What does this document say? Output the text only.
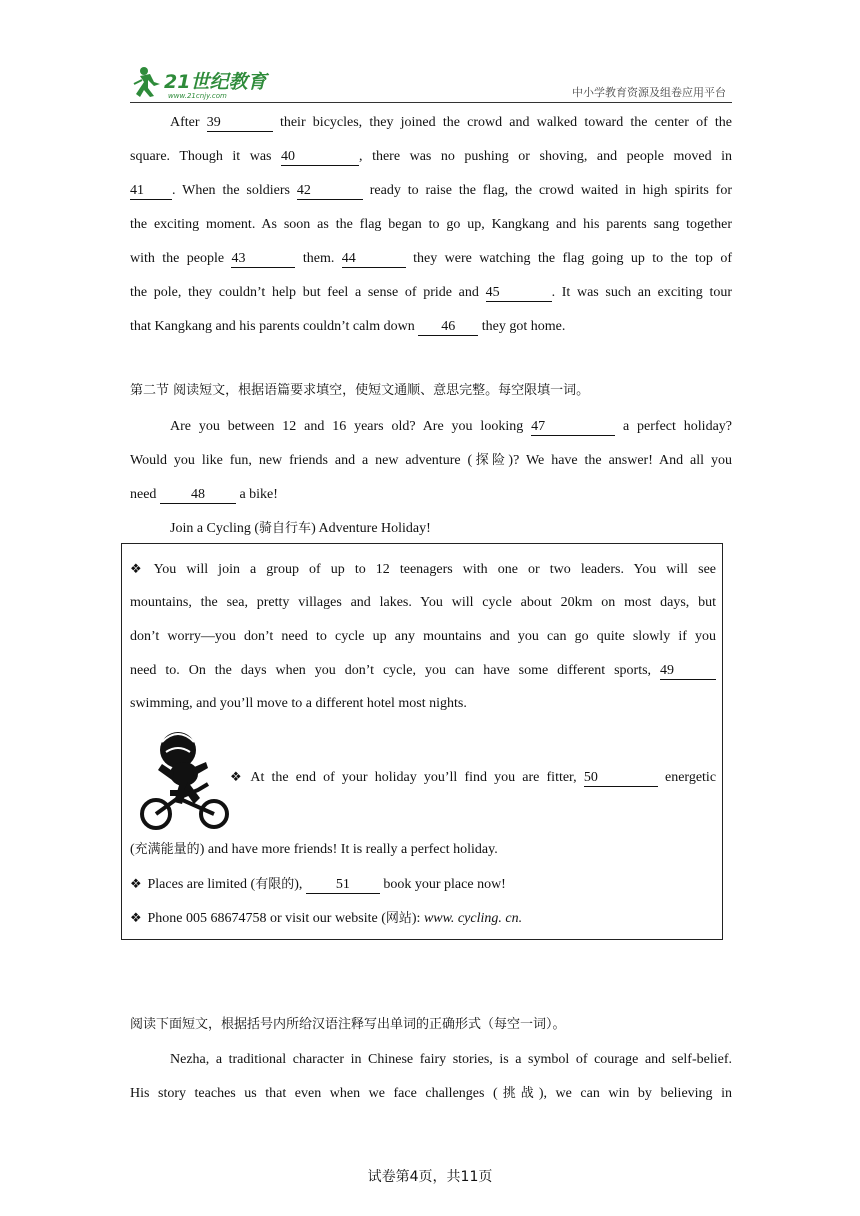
21世纪教育
www.21cnjy.com	中小学教育资源及组卷应用平台
After 39	their bicycles, they joined the crowd and walked toward the center of the
square. Though it was 40	, there was no pushing or shoving, and people moved in
41 . When the soldiers 42	ready to raise the flag, the crowd waited in high spirits for
the exciting moment. As soon as the flag began to go up, Kangkang and his parents sang together
with the people 43	them. 44	they were watching the flag going up to the top of
the pole, they couldn’t help but feel a sense of pride and 45	. It was such an exciting tour
that Kangkang and his parents couldn’t calm down 46 they got home.
第二节 阅读短文，根据语篇要求填空，使短文通顺、意思完整。每空限填一词。
Are you between 12 and 16 years old? Are you looking 47	a perfect holiday?
Would you like fun, new friends and a new adventure (探险)? We have the answer! And all you
need 48 a bike!
Join a Cycling (骑自行车) Adventure Holiday!
❖ You will join a group of up to 12 teenagers with one or two leaders. You will see
mountains, the sea, pretty villages and lakes. You will cycle about 20km on most days, but
don’t worry—you don’t need to cycle up any mountains and you can go quite slowly if you
need to. On the days when you don’t cycle, you can have some different sports, 49
swimming, and you’ll move to a different hotel most nights.
❖ At the end of your holiday you’ll find you are fitter, 50	energetic
(充满能量的) and have more friends! It is really a perfect holiday.
❖ Places are limited (有限的), 51 book your place now!
❖ Phone 005 68674758 or visit our website (网站): www. cycling. cn.
阅读下面短文，根据括号内所给汉语注释写出单词的正确形式（每空一词）。
Nezha, a traditional character in Chinese fairy stories, is a symbol of courage and self-belief.
His story teaches us that even when we face challenges (挑战), we can win by believing in
试卷第4页，共11页
